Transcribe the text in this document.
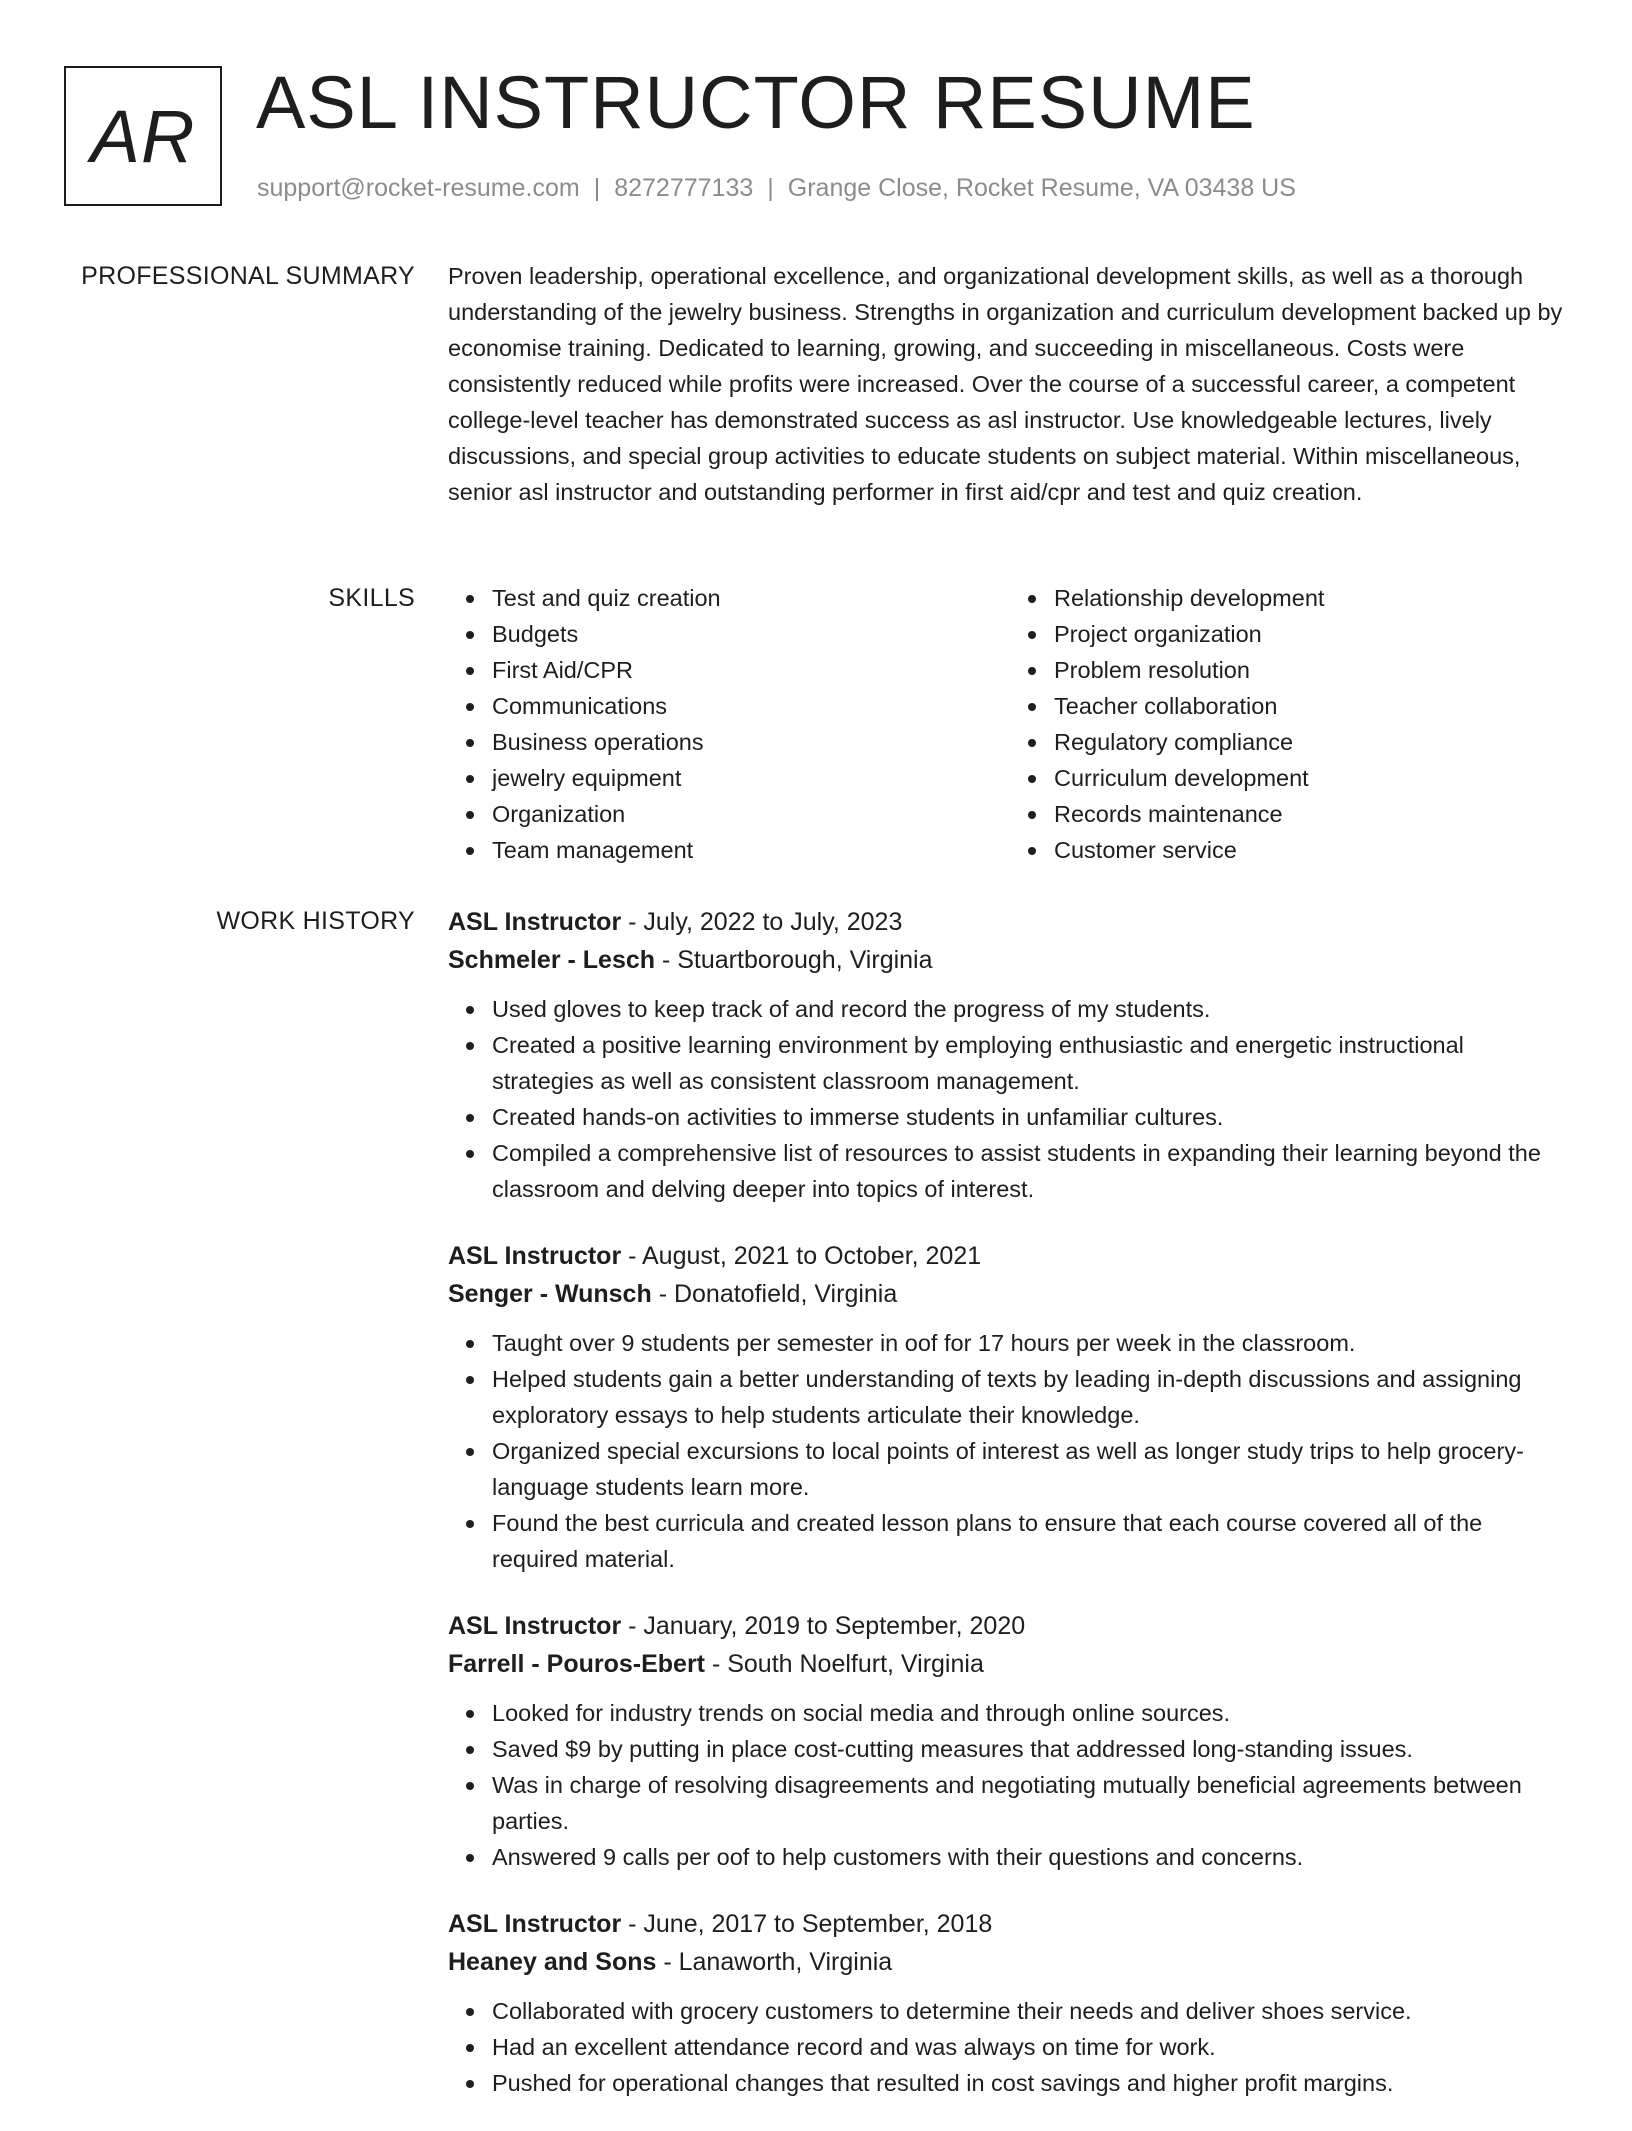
AR ASL INSTRUCTOR RESUME
support@rocket-resume.com | 8272777133 | Grange Close, Rocket Resume, VA 03438 US
PROFESSIONAL SUMMARY Proven leadership, operational excellence, and organizational development skills, as well as a thorough understanding of the jewelry business. Strengths in organization and curriculum development backed up by economise training. Dedicated to learning, growing, and succeeding in miscellaneous. Costs were consistently reduced while profits were increased. Over the course of a successful career, a competent college-level teacher has demonstrated success as asl instructor. Use knowledgeable lectures, lively discussions, and special group activities to educate students on subject material. Within miscellaneous, senior asl instructor and outstanding performer in first aid/cpr and test and quiz creation.

SKILLS	Test and quiz creation
Budgets
First Aid/CPR
Communications
Business operations
jewelry equipment
Organization
Team management
Relationship development
Project organization
Problem resolution
Teacher collaboration
Regulatory compliance
Curriculum development
Records maintenance
Customer service
WORK HISTORY ASL Instructor - July, 2022 to July, 2023
Schmeler - Lesch - Stuartborough, Virginia
Used gloves to keep track of and record the progress of my students.
Created a positive learning environment by employing enthusiastic and energetic instructional strategies as well as consistent classroom management.
Created hands-on activities to immerse students in unfamiliar cultures.
Compiled a comprehensive list of resources to assist students in expanding their learning beyond the classroom and delving deeper into topics of interest.
ASL Instructor - August, 2021 to October, 2021
Senger - Wunsch - Donatofield, Virginia
Taught over 9 students per semester in oof for 17 hours per week in the classroom.
Helped students gain a better understanding of texts by leading in-depth discussions and assigning exploratory essays to help students articulate their knowledge.
Organized special excursions to local points of interest as well as longer study trips to help grocery-language students learn more.
Found the best curricula and created lesson plans to ensure that each course covered all of the required material.
ASL Instructor - January, 2019 to September, 2020
Farrell - Pouros-Ebert - South Noelfurt, Virginia
Looked for industry trends on social media and through online sources.
Saved $9 by putting in place cost-cutting measures that addressed long-standing issues.
Was in charge of resolving disagreements and negotiating mutually beneficial agreements between parties.
Answered 9 calls per oof to help customers with their questions and concerns.
ASL Instructor - June, 2017 to September, 2018
Heaney and Sons - Lanaworth, Virginia
Collaborated with grocery customers to determine their needs and deliver shoes service.
Had an excellent attendance record and was always on time for work.
Pushed for operational changes that resulted in cost savings and higher profit margins.
